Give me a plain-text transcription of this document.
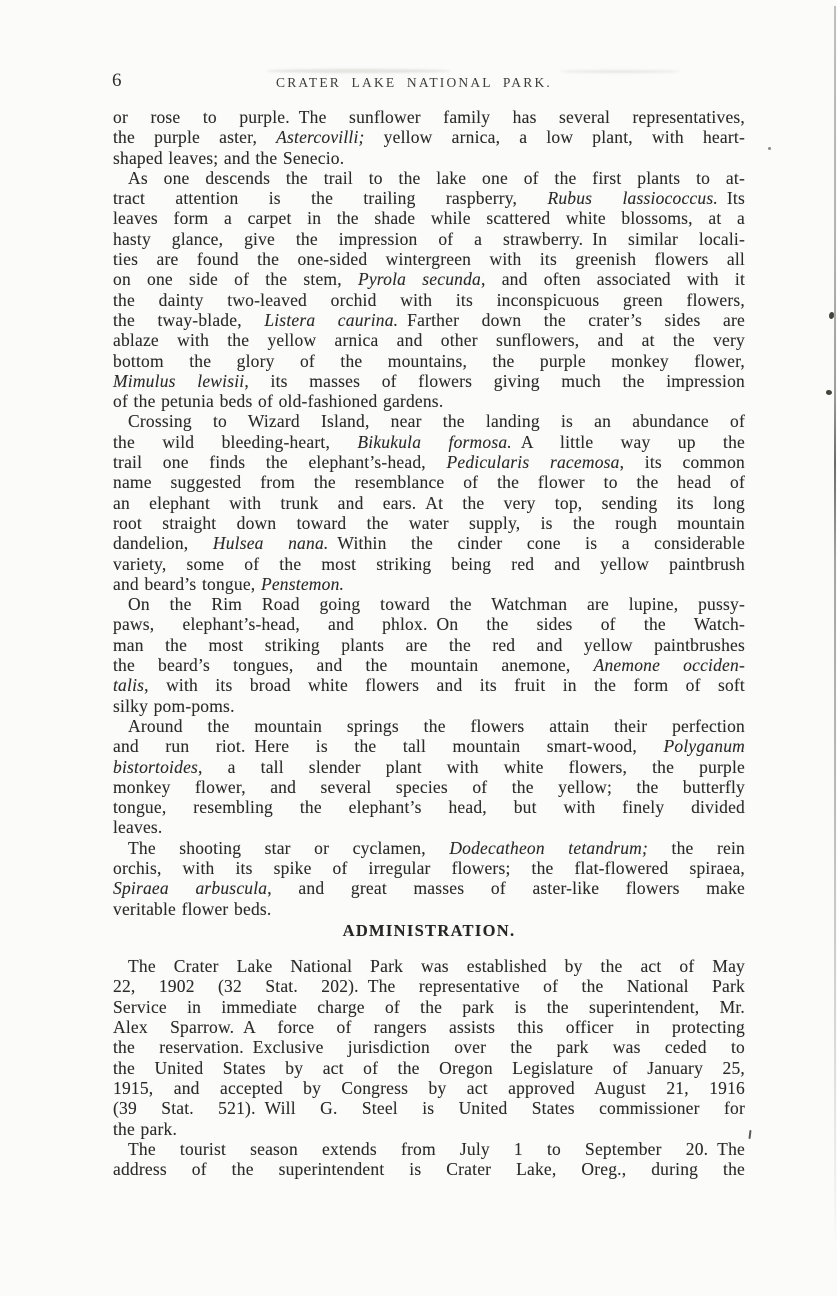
6	CRATER LAKE NATIONAL PARK.
or rose to purple. The sunflower family has several representatives,
the purple aster, Astercovilli; yellow arnica, a low plant, with heart-
shaped leaves; and the Senecio.
As one descends the trail to the lake one of the first plants to at-
tract attention is the trailing raspberry, Rubus lassiococcus. Its
leaves form a carpet in the shade while scattered white blossoms, at a
hasty glance, give the impression of a strawberry. In similar locali-
ties are found the one-sided wintergreen with its greenish flowers all
on one side of the stem, Pyrola secunda, and often associated with it
the dainty two-leaved orchid with its inconspicuous green flowers,
the tway-blade, Listera caurina. Farther down the crater’s sides are
ablaze with the yellow arnica and other sunflowers, and at the very
bottom the glory of the mountains, the purple monkey flower,
Mimulus lewisii, its masses of flowers giving much the impression
of the petunia beds of old-fashioned gardens.
Crossing to Wizard Island, near the landing is an abundance of
the wild bleeding-heart, Bikukula formosa. A little way up the
trail one finds the elephant’s-head, Pedicularis racemosa, its common
name suggested from the resemblance of the flower to the head of
an elephant with trunk and ears. At the very top, sending its long
root straight down toward the water supply, is the rough mountain
dandelion, Hulsea nana. Within the cinder cone is a considerable
variety, some of the most striking being red and yellow paintbrush
and beard’s tongue, Penstemon.
On the Rim Road going toward the Watchman are lupine, pussy-
paws, elephant’s-head, and phlox. On the sides of the Watch-
man the most striking plants are the red and yellow paintbrushes
the beard’s tongues, and the mountain anemone, Anemone occiden-
talis, with its broad white flowers and its fruit in the form of soft
silky pom-poms.
Around the mountain springs the flowers attain their perfection
and run riot. Here is the tall mountain smart-wood, Polyganum
bistortoides, a tall slender plant with white flowers, the purple
monkey flower, and several species of the yellow; the butterfly
tongue, resembling the elephant’s head, but with finely divided
leaves.
The shooting star or cyclamen, Dodecatheon tetandrum; the rein
orchis, with its spike of irregular flowers; the flat-flowered spiraea,
Spiraea arbuscula, and great masses of aster-like flowers make
veritable flower beds.
ADMINISTRATION.
The Crater Lake National Park was established by the act of May
22, 1902 (32 Stat. 202). The representative of the National Park
Service in immediate charge of the park is the superintendent, Mr.
Alex Sparrow. A force of rangers assists this officer in protecting
the reservation. Exclusive jurisdiction over the park was ceded to
the United States by act of the Oregon Legislature of January 25,
1915, and accepted by Congress by act approved August 21, 1916
(39 Stat. 521). Will G. Steel is United States commissioner for
the park.
The tourist season extends from July 1 to September 20. The
address of the superintendent is Crater Lake, Oreg., during the
